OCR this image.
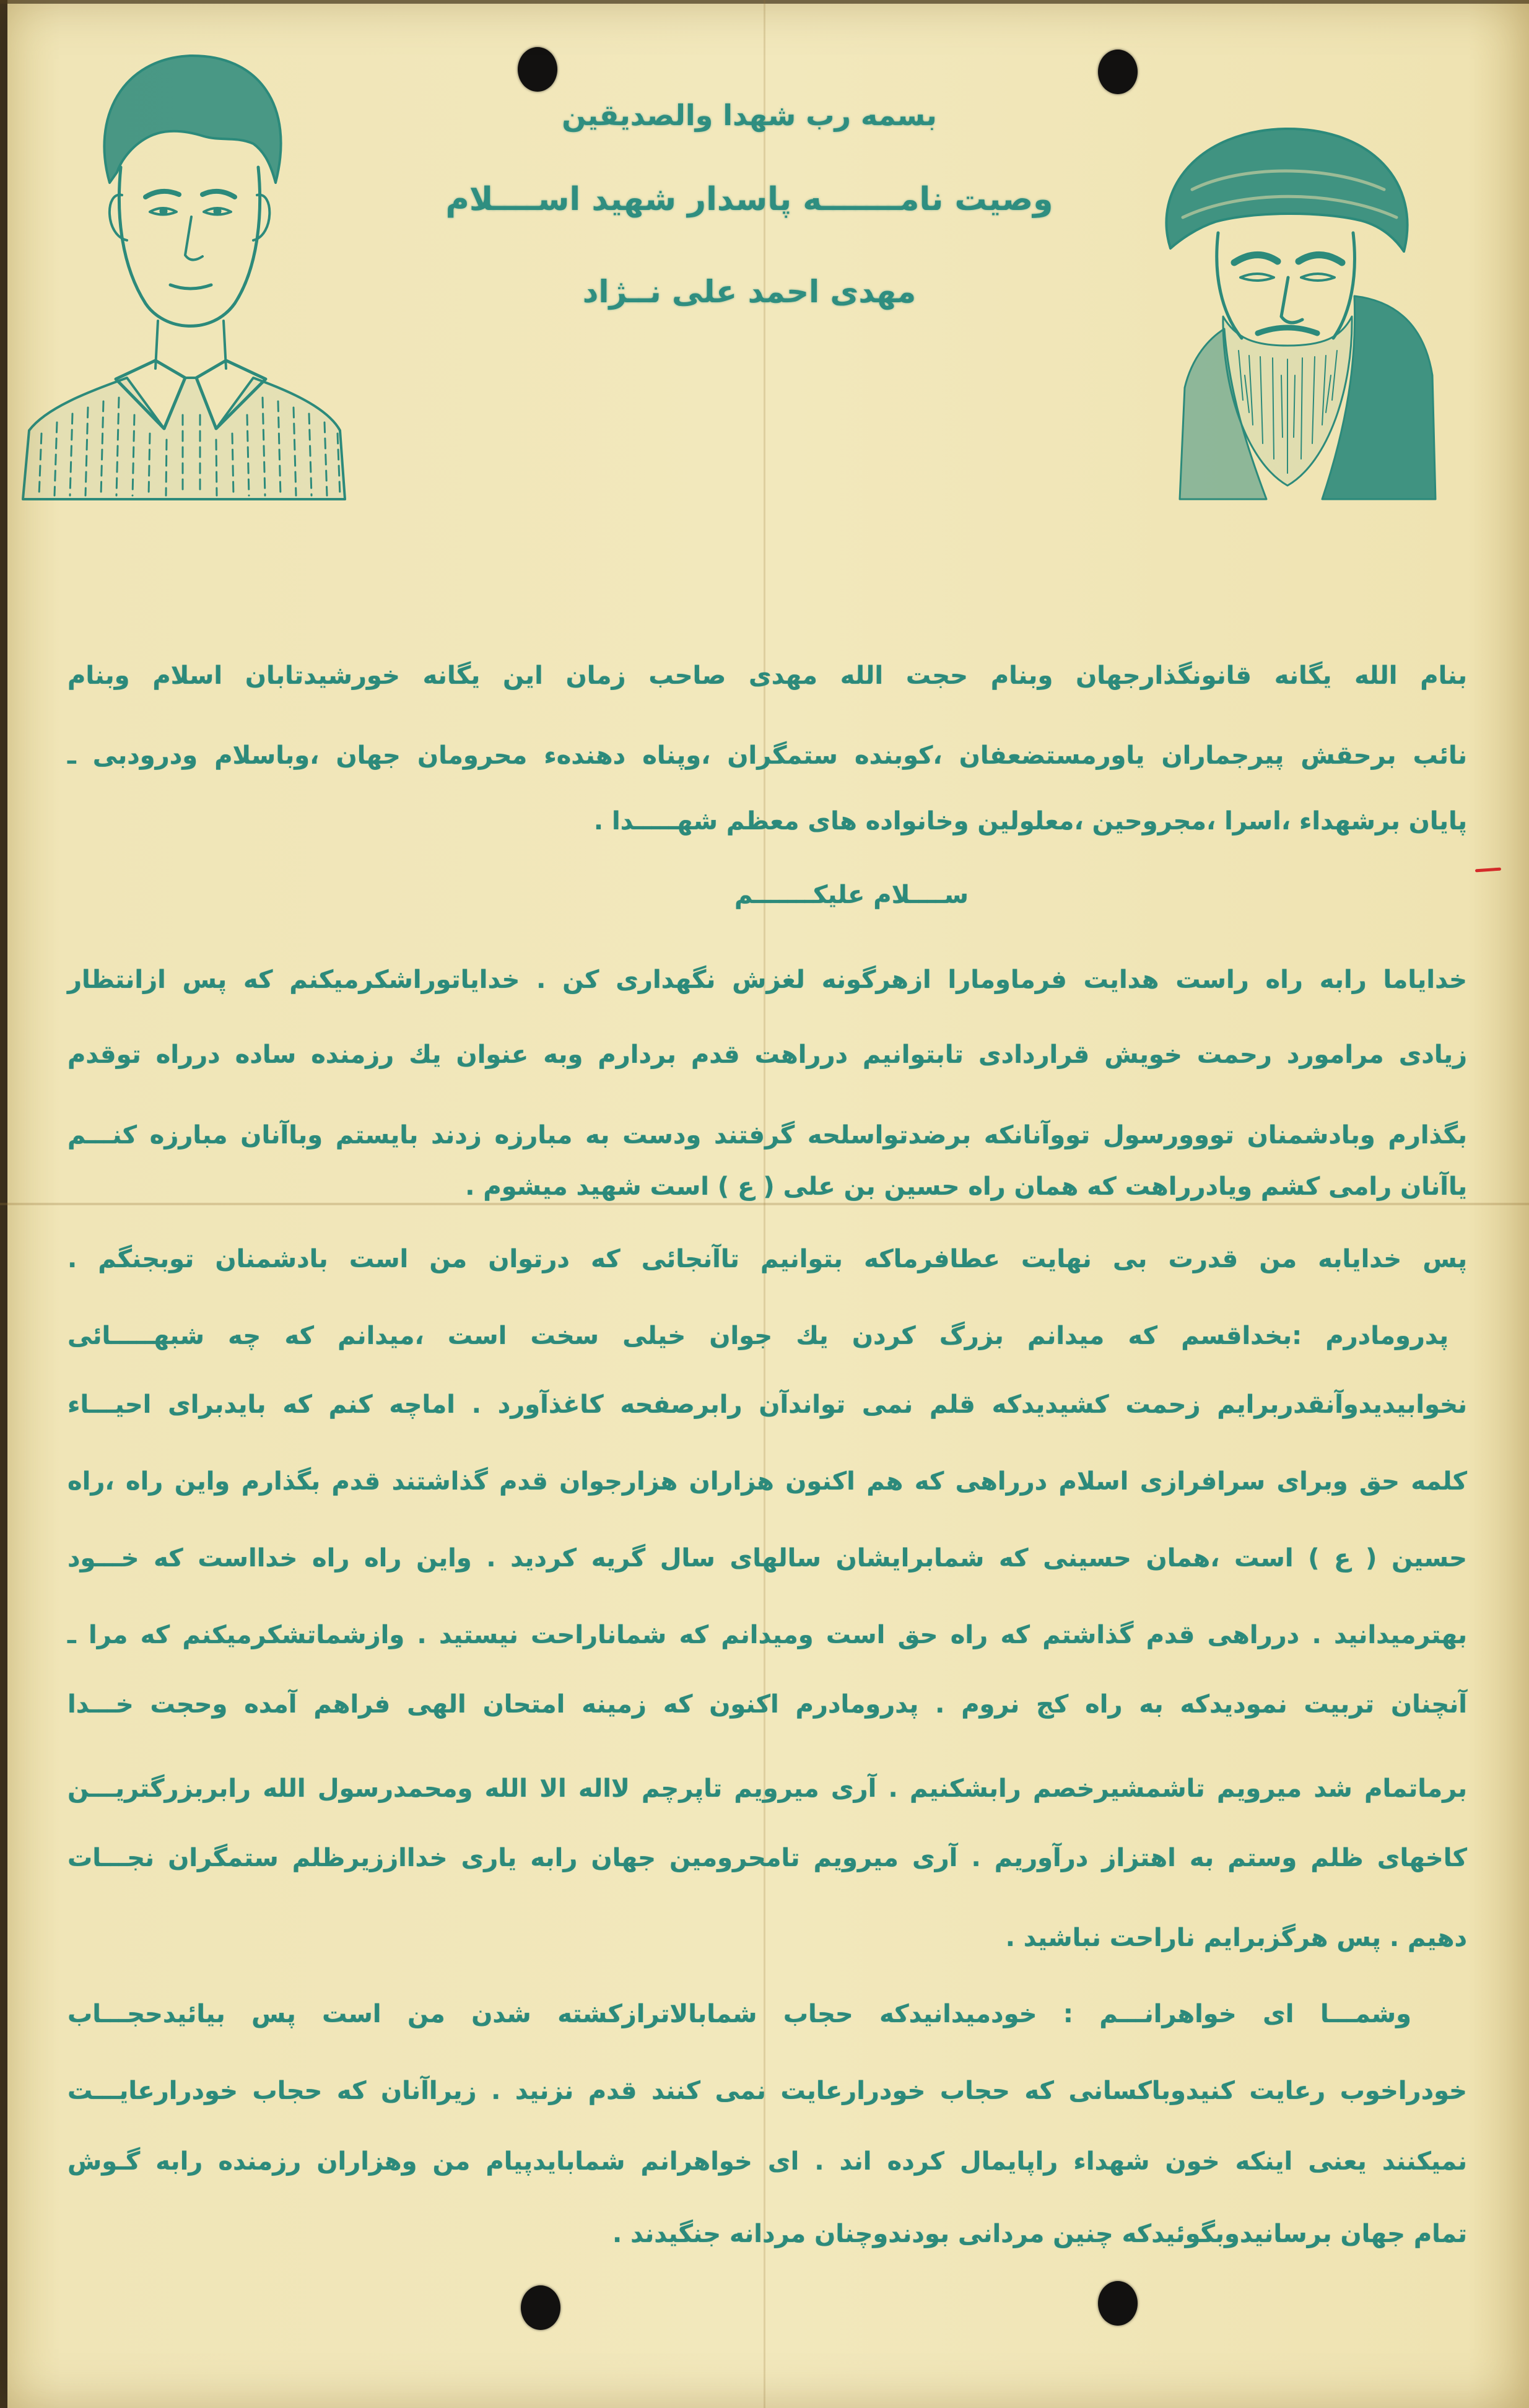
بسمه رب شهدا والصدیقین
وصیت نامـــــــه پاسدار شهید اســــلام
مهدی احمد علی نــژاد
بنام الله یگانه قانونگذارجهان وبنام حجت الله مهدی صاحب زمان این یگانه خورشیدتابان اسلام وبنام
نائب برحقش پیرجماران یاورمستضعفان ،کوبنده ستمگران ،وپناه دهندهء محرومان جهان ،وباسلام ودرودبی ـ
پایان برشهداء ،اسرا ،مجروحین ،معلولین وخانواده های معظم شهـــــدا .
ســــلام علیکـــــــم
خدایاما رابه راه راست هدایت فرماومارا ازهرگونه لغزش نگهداری کن . خدایاتوراشکرمیکنم که پس ازانتظار
زیادی مرامورد رحمت خویش قراردادی تابتوانیم درراهت قدم بردارم وبه عنوان یك رزمنده ساده درراه توقدم
بگذارم وبادشمنان تووورسول تووآنانکه برضدتواسلحه گرفتند ودست به مبارزه زدند بایستم وباآنان مبارزه کنـــم
یاآنان رامی کشم ویادرراهت که همان راه حسین بن علی ( ع ) است شهید میشوم .
پس خدایابه من قدرت بی نهایت عطافرماکه بتوانیم تاآنجائی که درتوان من است بادشمنان توبجنگم .
پدرومادرم :بخداقسم که میدانم بزرگ کردن یك جوان خیلی سخت است ،میدانم که چه شبهـــــائی
نخوابیدیدوآنقدربرایم زحمت کشیدیدکه قلم نمی تواندآن رابرصفحه کاغذآورد . اماچه کنم که بایدبرای احیـــاء
کلمه حق وبرای سرافرازی اسلام درراهی که هم اکنون هزاران هزارجوان قدم گذاشتند قدم بگذارم واین راه ،راه
حسین ( ع ) است ،همان حسینی که شمابرایشان سالهای سال گریه کردید . واین راه راه خدااست که خـــود
بهترمیدانید . درراهی قدم گذاشتم که راه حق است ومیدانم که شماناراحت نیستید . وازشماتشکرمیکنم که مرا ـ
آنچنان تربیت نمودیدکه به راه کج نروم . پدرومادرم اکنون که زمینه امتحان الهی فراهم آمده وحجت خـــدا
برماتمام شد میرویم تاشمشیرخصم رابشکنیم . آری میرویم تاپرچم لااله الا الله ومحمدرسول الله رابربزرگتریـــن
کاخهای ظلم وستم به اهتزاز درآوریم . آری میرویم تامحرومین جهان رابه یاری خدااززیرظلم ستمگران نجـــات
دهیم . پس هرگزبرایم ناراحت نباشید .
وشمـــا ای خواهرانـــم : خودمیدانیدکه حجاب شمابالاترازکشته شدن من است پس بیائیدحجـــاب
خودراخوب رعایت کنیدوباکسانی که حجاب خودرارعایت نمی کنند قدم نزنید . زیراآنان که حجاب خودرارعایـــت
نمیکنند یعنی اینکه خون شهداء راپایمال کرده اند . ای خواهرانم شمابایدپیام من وهزاران رزمنده رابه گـوش
تمام جهان برسانیدوبگوئیدکه چنین مردانی بودندوچنان مردانه جنگیدند .
